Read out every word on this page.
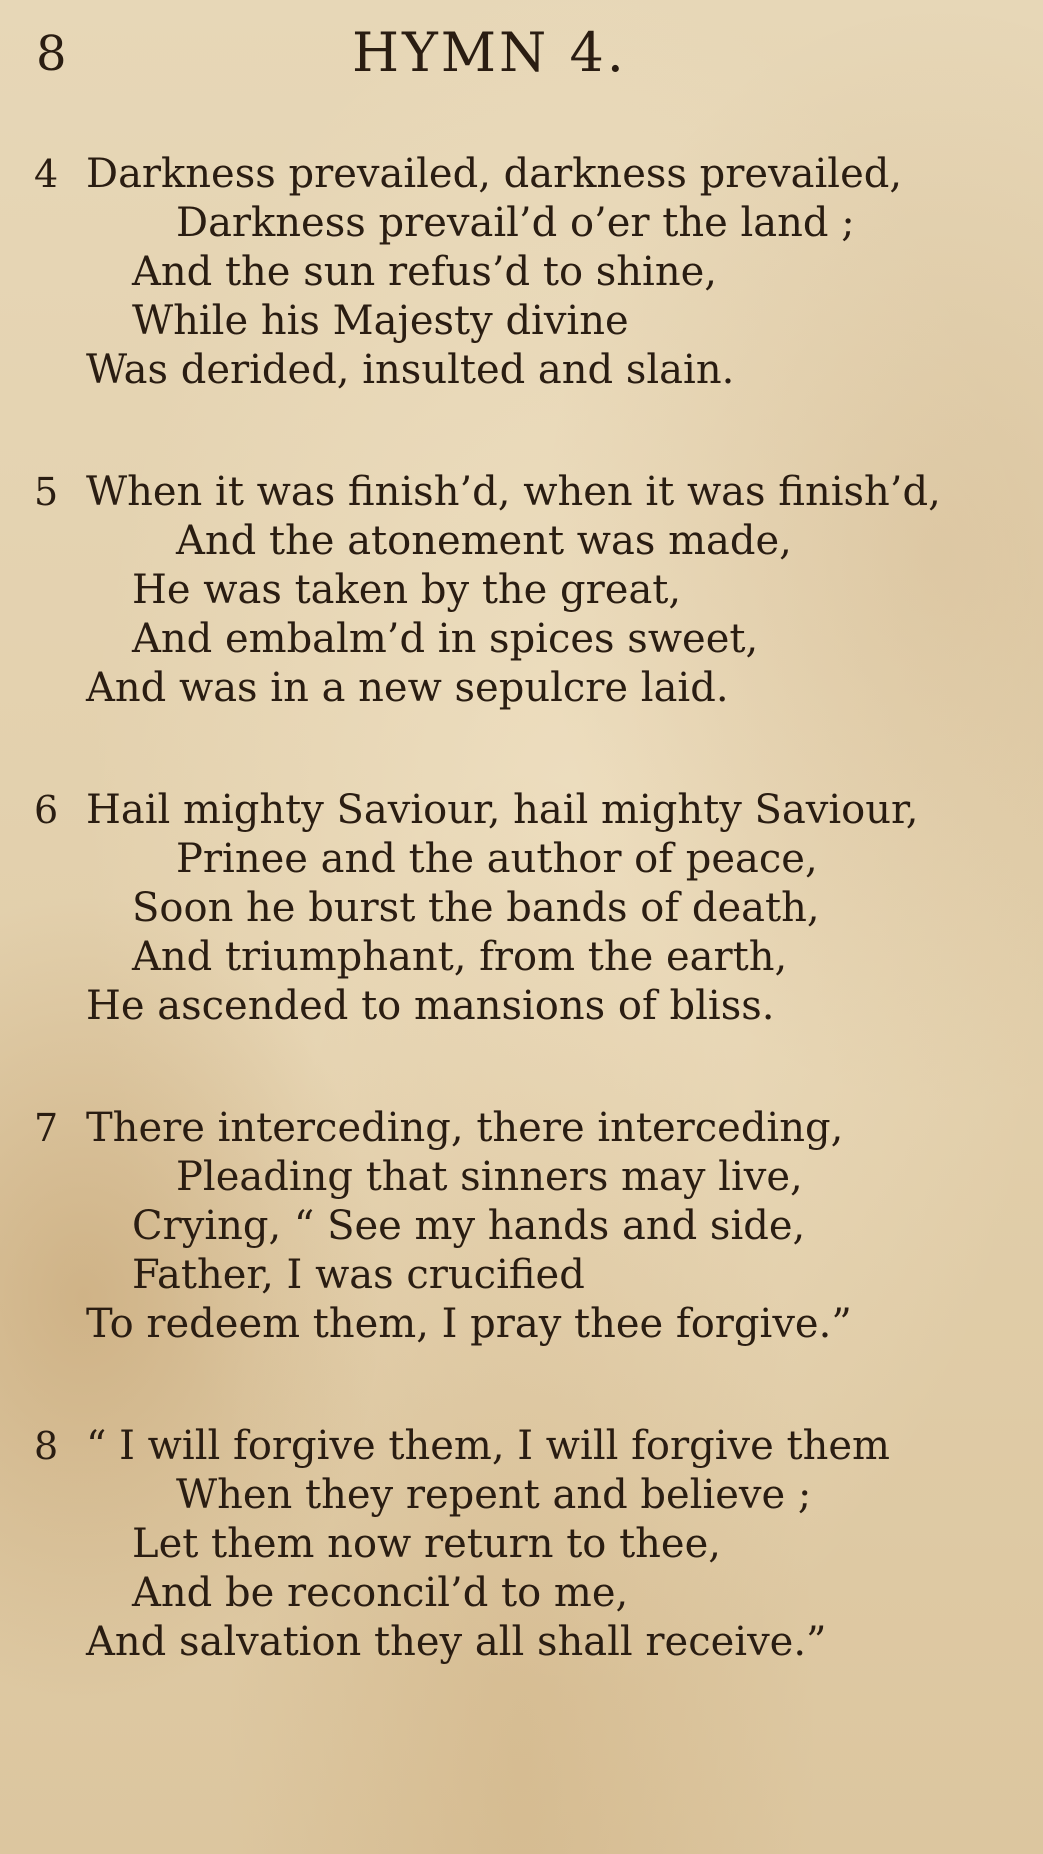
8	HYMN 4.
4 Darkness prevailed, darkness prevailed,
Darkness prevail’d o’er the land ;
And the sun refus’d to shine,
While his Majesty divine
Was derided, insulted and slain.
5 When it was finish’d, when it was finish’d,
And the atonement was made,
He was taken by the great,
And embalm’d in spices sweet,
And was in a new sepulcre laid.
6 Hail mighty Saviour, hail mighty Saviour,
Prinee and the author of peace,
Soon he burst the bands of death,
And triumphant, from the earth,
He ascended to mansions of bliss.
7 There interceding, there interceding,
Pleading that sinners may live,
Crying, “ See my hands and side,
Father, I was crucified
To redeem them, I pray thee forgive.”
8 “ I will forgive them, I will forgive them
When they repent and believe ;
Let them now return to thee,
And be reconcil’d to me,
And salvation they all shall receive.”
